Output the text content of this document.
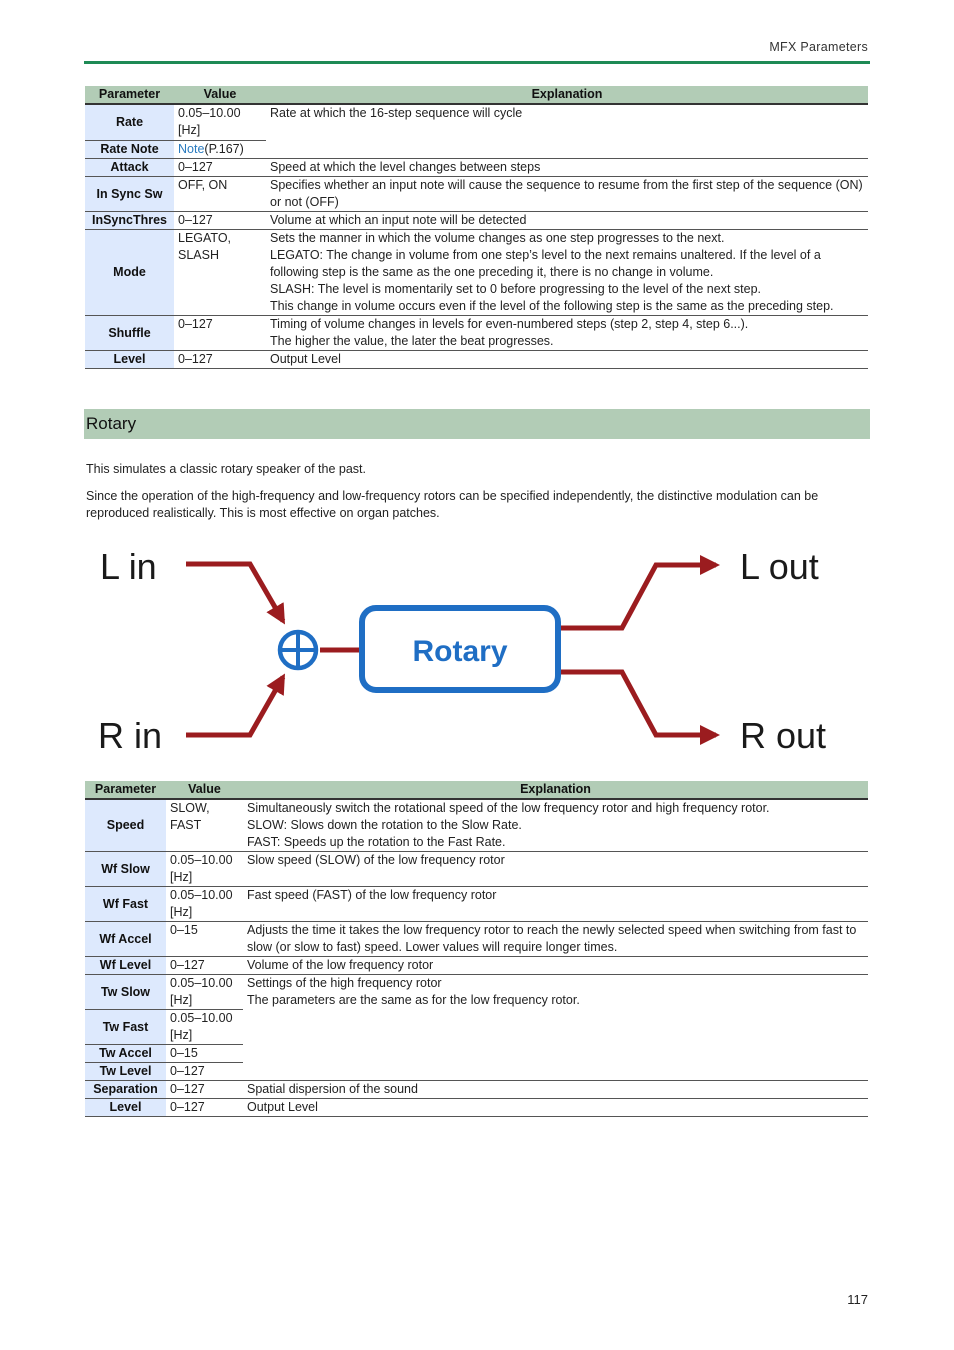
MFX Parameters
Parameter	Value	Explanation
Rate	0.05–10.00 [Hz]	Rate at which the 16-step sequence will cycle
Rate Note	Note(P.167)	
Attack	0–127	Speed at which the level changes between steps
In Sync Sw	OFF, ON	Specifies whether an input note will cause the sequence to resume from the first step of the sequence (ON) or not (OFF)
InSyncThres	0–127	Volume at which an input note will be detected
Mode	LEGATO, SLASH	Sets the manner in which the volume changes as one step progresses to the next.
LEGATO: The change in volume from one step’s level to the next remains unaltered. If the level of a following step is the same as the one preceding it, there is no change in volume.
SLASH: The level is momentarily set to 0 before progressing to the level of the next step.
This change in volume occurs even if the level of the following step is the same as the preceding step.
Shuffle	0–127	Timing of volume changes in levels for even-numbered steps (step 2, step 4, step 6...).
The higher the value, the later the beat progresses.
Level	0–127	Output Level
Rotary
This simulates a classic rotary speaker of the past.
Since the operation of the high-frequency and low-frequency rotors can be specified independently, the distinctive modulation can be reproduced realistically. This is most effective on organ patches.
L in
R in
L out
R out
Rotary
Parameter	Value	Explanation
Speed	SLOW, FAST	Simultaneously switch the rotational speed of the low frequency rotor and high frequency rotor.
SLOW: Slows down the rotation to the Slow Rate.
FAST: Speeds up the rotation to the Fast Rate.
Wf Slow	0.05–10.00 [Hz]	Slow speed (SLOW) of the low frequency rotor
Wf Fast	0.05–10.00 [Hz]	Fast speed (FAST) of the low frequency rotor
Wf Accel	0–15	Adjusts the time it takes the low frequency rotor to reach the newly selected speed when switching from fast to slow (or slow to fast) speed. Lower values will require longer times.
Wf Level	0–127	Volume of the low frequency rotor
Tw Slow	0.05–10.00 [Hz]	Settings of the high frequency rotor
The parameters are the same as for the low frequency rotor.
Tw Fast	0.05–10.00 [Hz]	
Tw Accel	0–15	
Tw Level	0–127	
Separation	0–127	Spatial dispersion of the sound
Level	0–127	Output Level
117
